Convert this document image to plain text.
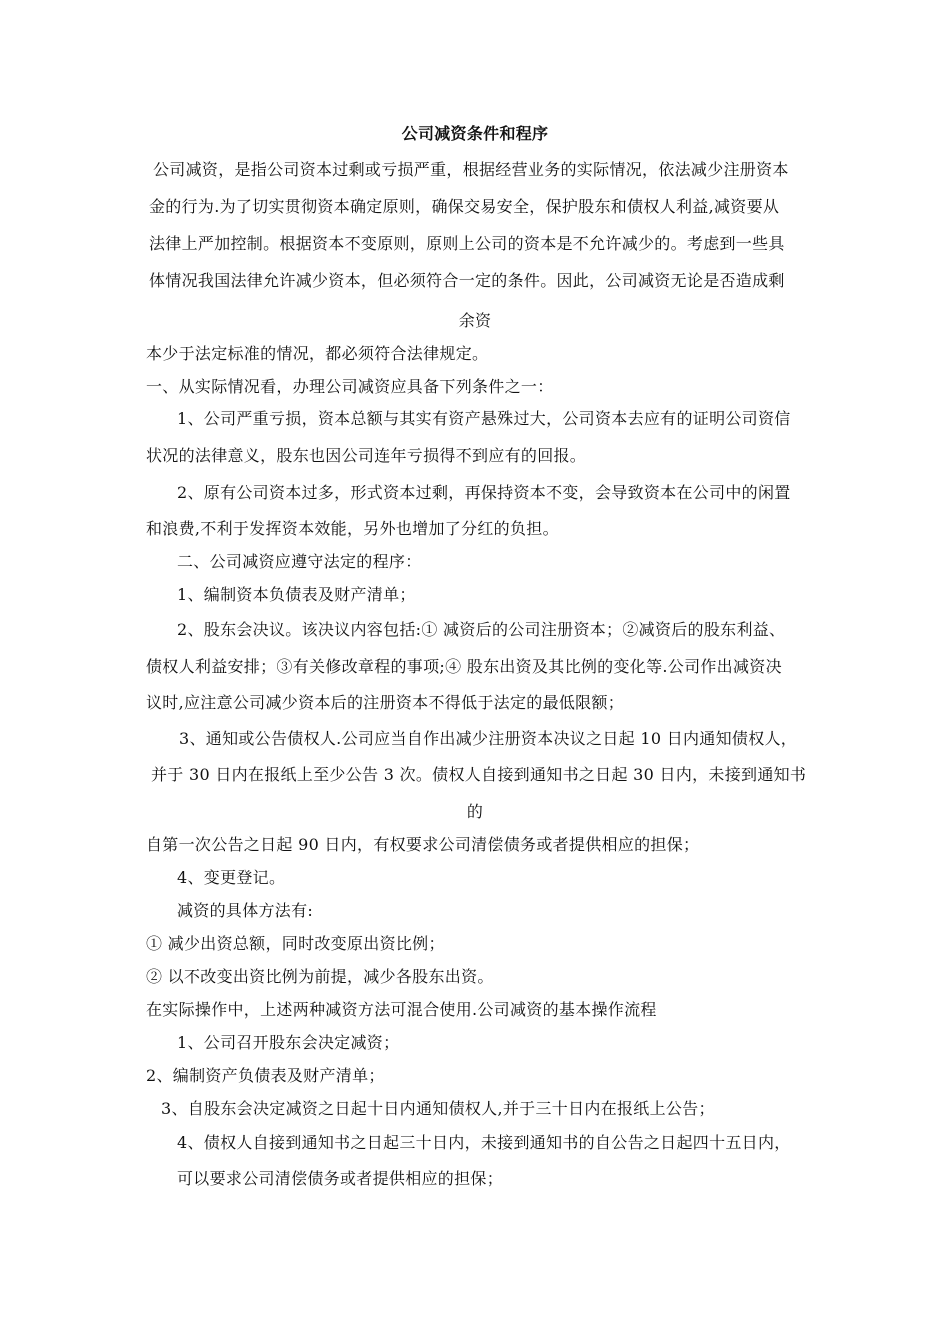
公司减资条件和程序
公司减资，是指公司资本过剩或亏损严重，根据经营业务的实际情况，依法减少注册资本
金的行为.为了切实贯彻资本确定原则，确保交易安全，保护股东和债权人利益,减资要从
法律上严加控制。根据资本不变原则，原则上公司的资本是不允许减少的。考虑到一些具
体情况我国法律允许减少资本，但必须符合一定的条件。因此，公司减资无论是否造成剩
余资
本少于法定标准的情况，都必须符合法律规定。
一、从实际情况看，办理公司减资应具备下列条件之一：
1、公司严重亏损，资本总额与其实有资产悬殊过大，公司资本去应有的证明公司资信
状况的法律意义，股东也因公司连年亏损得不到应有的回报。
2、原有公司资本过多，形式资本过剩，再保持资本不变，会导致资本在公司中的闲置
和浪费,不利于发挥资本效能，另外也增加了分红的负担。
二、公司减资应遵守法定的程序：
1、编制资本负债表及财产清单；
2、股东会决议。该决议内容包括:① 减资后的公司注册资本；②减资后的股东利益、
债权人利益安排；③有关修改章程的事项;④ 股东出资及其比例的变化等.公司作出减资决
议时,应注意公司减少资本后的注册资本不得低于法定的最低限额；
3、通知或公告债权人.公司应当自作出减少注册资本决议之日起 10 日内通知债权人，
并于 30 日内在报纸上至少公告 3 次。债权人自接到通知书之日起 30 日内，未接到通知书
的
自第一次公告之日起 90 日内，有权要求公司清偿债务或者提供相应的担保；
4、变更登记。
减资的具体方法有:
① 减少出资总额，同时改变原出资比例；
② 以不改变出资比例为前提，减少各股东出资。
在实际操作中，上述两种减资方法可混合使用.公司减资的基本操作流程
1、公司召开股东会决定减资；
2、编制资产负债表及财产清单；
3、自股东会决定减资之日起十日内通知债权人,并于三十日内在报纸上公告；
4、债权人自接到通知书之日起三十日内，未接到通知书的自公告之日起四十五日内，
可以要求公司清偿债务或者提供相应的担保；
